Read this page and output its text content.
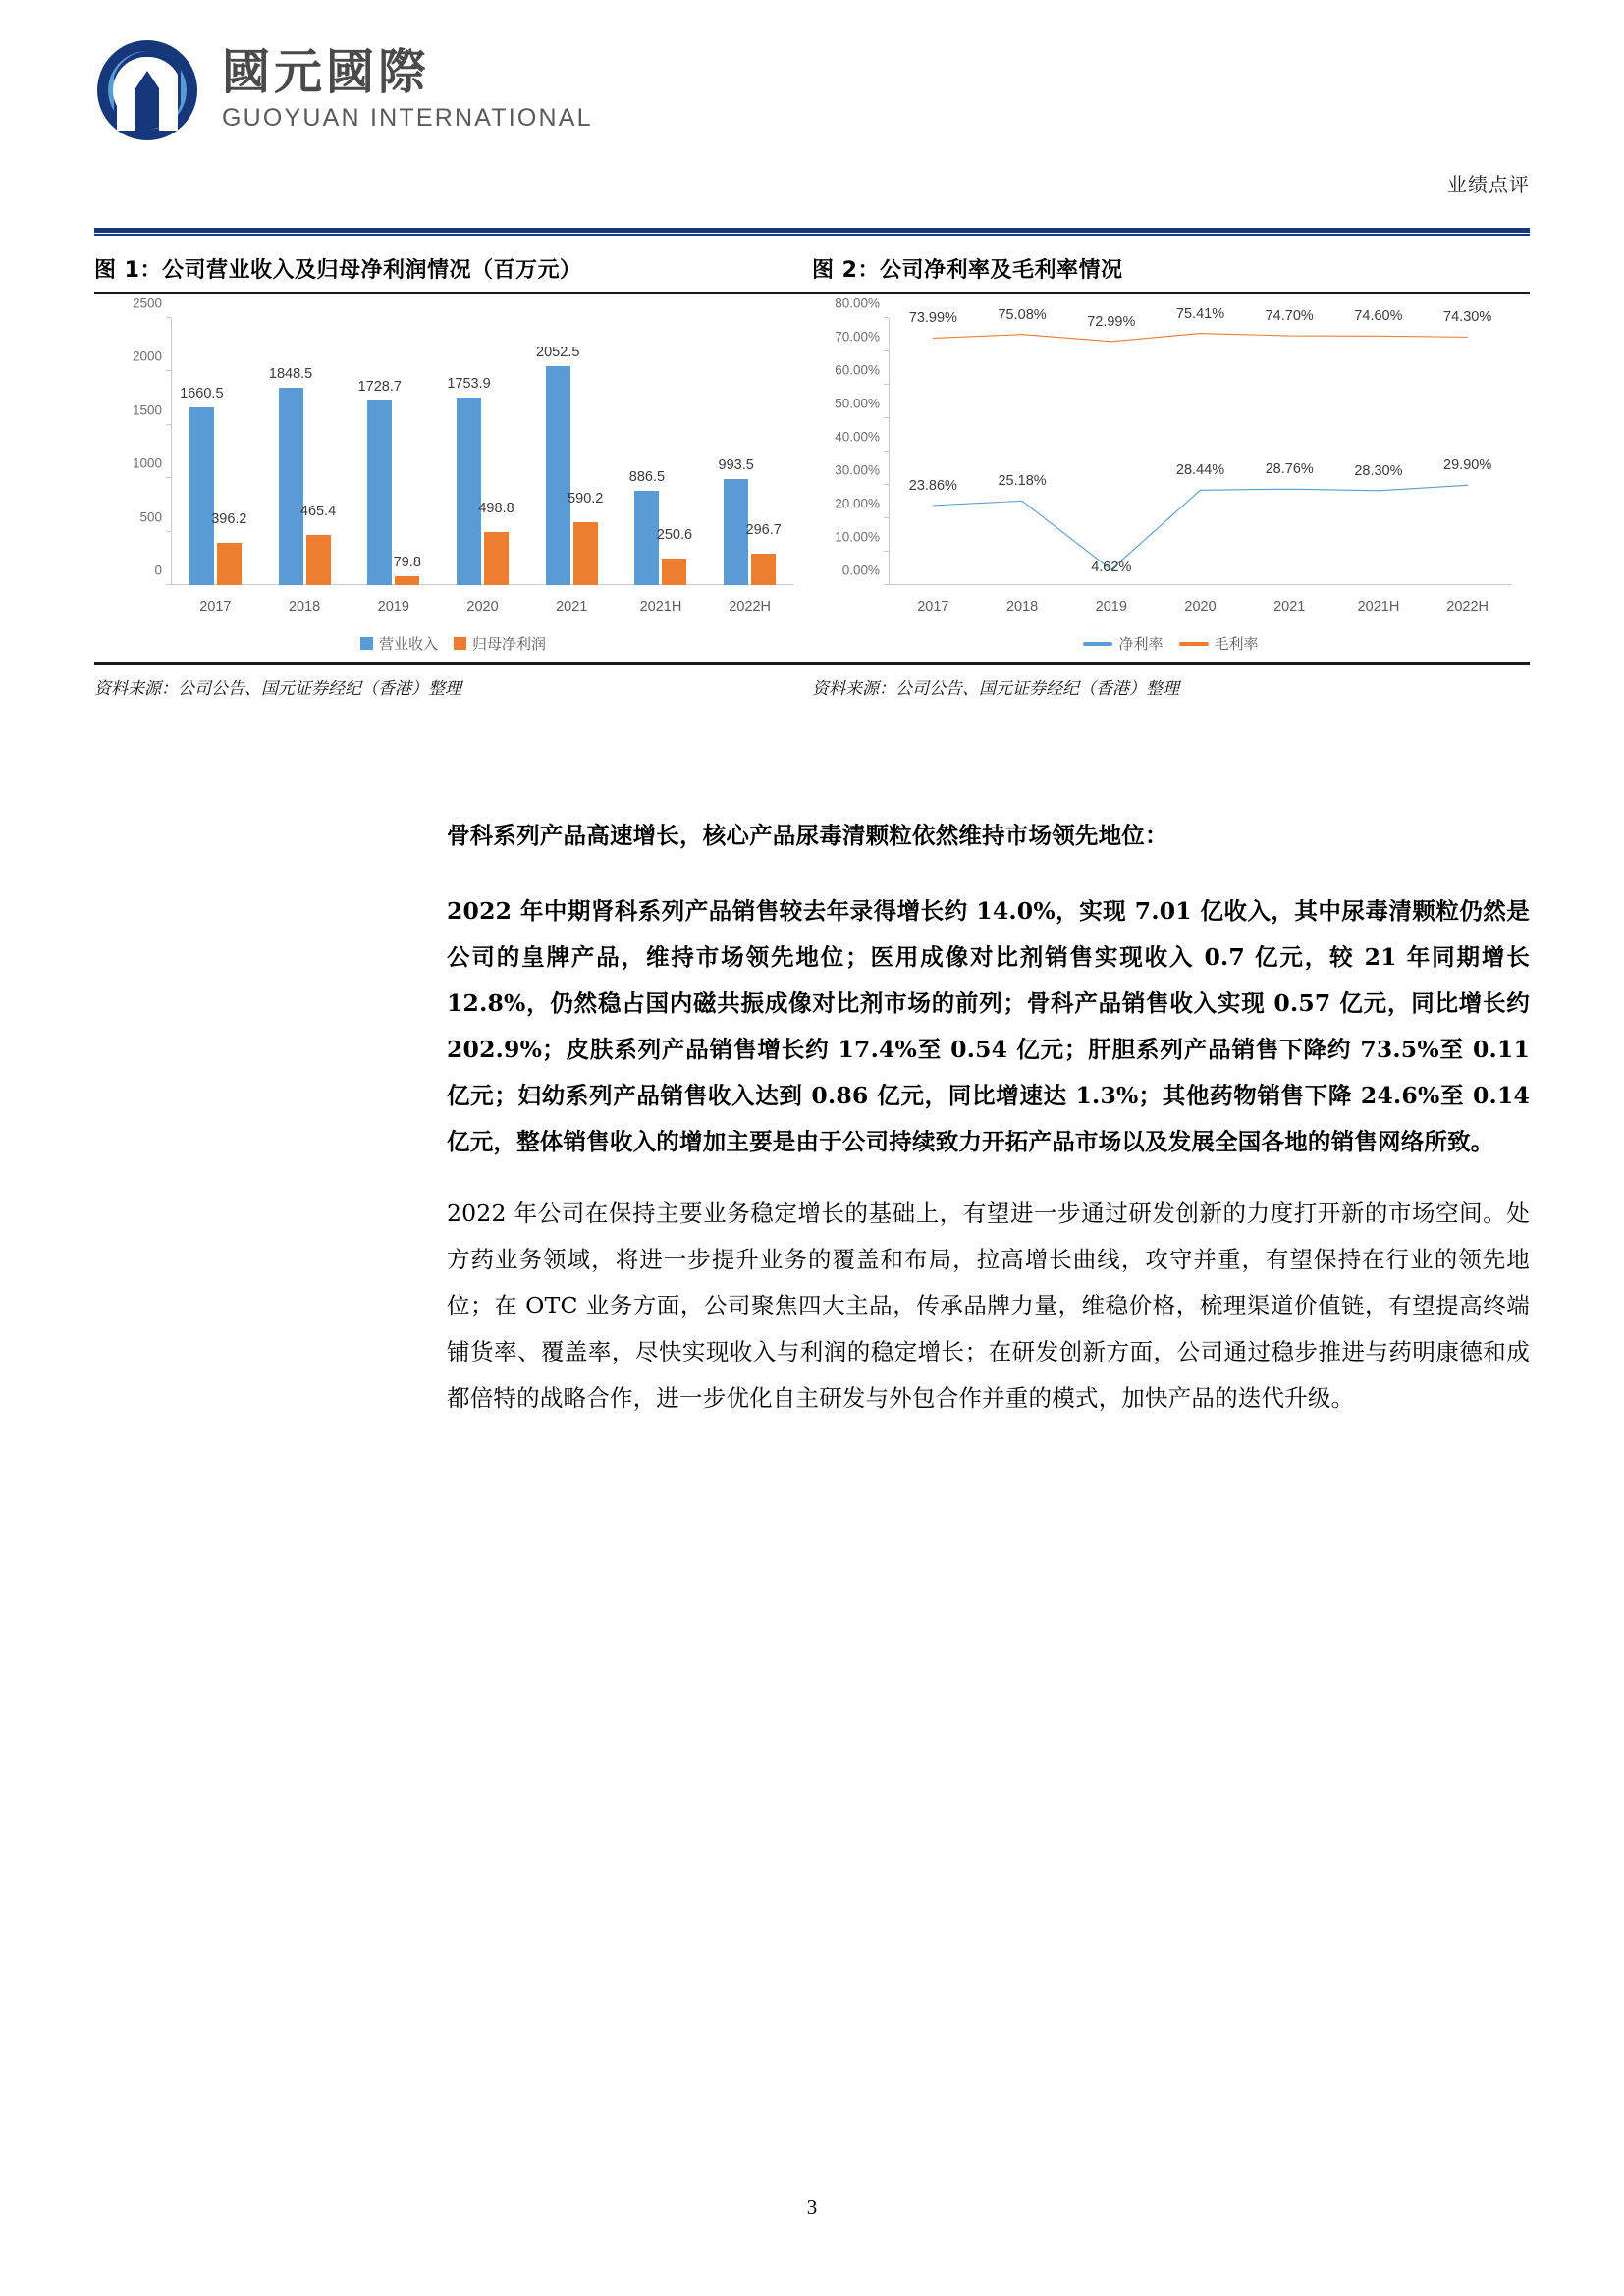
國元國際
GUOYUAN INTERNATIONAL
业绩点评
图 1：公司营业收入及归母净利润情况（百万元）	图 2：公司净利率及毛利率情况
1660.5
396.2
1848.5
465.4
1728.7
79.8
1753.9
498.8
2052.5
590.2
886.5
250.6
993.5
296.7
0
500
1000
1500
2000
2500
2017	2018	2019	2020	2021	2021H	2022H
营业收入 归母净利润
0.00%
10.00%
20.00%
30.00%
40.00%
50.00%
60.00%
70.00%
80.00%
23.86%	25.18%
4.62%
28.44%	28.76%	28.30%	29.90%
73.99%	75.08%	72.99%
75.41%	74.70%	74.60%	74.30%
2017	2018	2019	2020	2021	2021H	2022H
净利率	毛利率
资料来源：公司公告、国元证券经纪（香港）整理	资料来源：公司公告、国元证券经纪（香港）整理

骨科系列产品高速增长，核心产品尿毒清颗粒依然维持市场领先地位：

2022 年中期肾科系列产品销售较去年录得增长约 14.0%，实现 7.01 亿收入，其中尿毒清颗粒仍然是公司的皇牌产品，维持市场领先地位；医用成像对比剂销售实现收入 0.7 亿元，较 21 年同期增长 12.8%，仍然稳占国内磁共振成像对比剂市场的前列；骨科产品销售收入实现 0.57 亿元，同比增长约 202.9%；皮肤系列产品销售增长约 17.4%至 0.54 亿元；肝胆系列产品销售下降约 73.5%至 0.11 亿元；妇幼系列产品销售收入达到 0.86 亿元，同比增速达 1.3%；其他药物销售下降 24.6%至 0.14 亿元，整体销售收入的增加主要是由于公司持续致力开拓产品市场以及发展全国各地的销售网络所致。

2022 年公司在保持主要业务稳定增长的基础上，有望进一步通过研发创新的力度打开新的市场空间。处方药业务领域，将进一步提升业务的覆盖和布局，拉高增长曲线，攻守并重，有望保持在行业的领先地位；在 OTC 业务方面，公司聚焦四大主品，传承品牌力量，维稳价格，梳理渠道价值链，有望提高终端铺货率、覆盖率，尽快实现收入与利润的稳定增长；在研发创新方面，公司通过稳步推进与药明康德和成都倍特的战略合作，进一步优化自主研发与外包合作并重的模式，加快产品的迭代升级。

3
